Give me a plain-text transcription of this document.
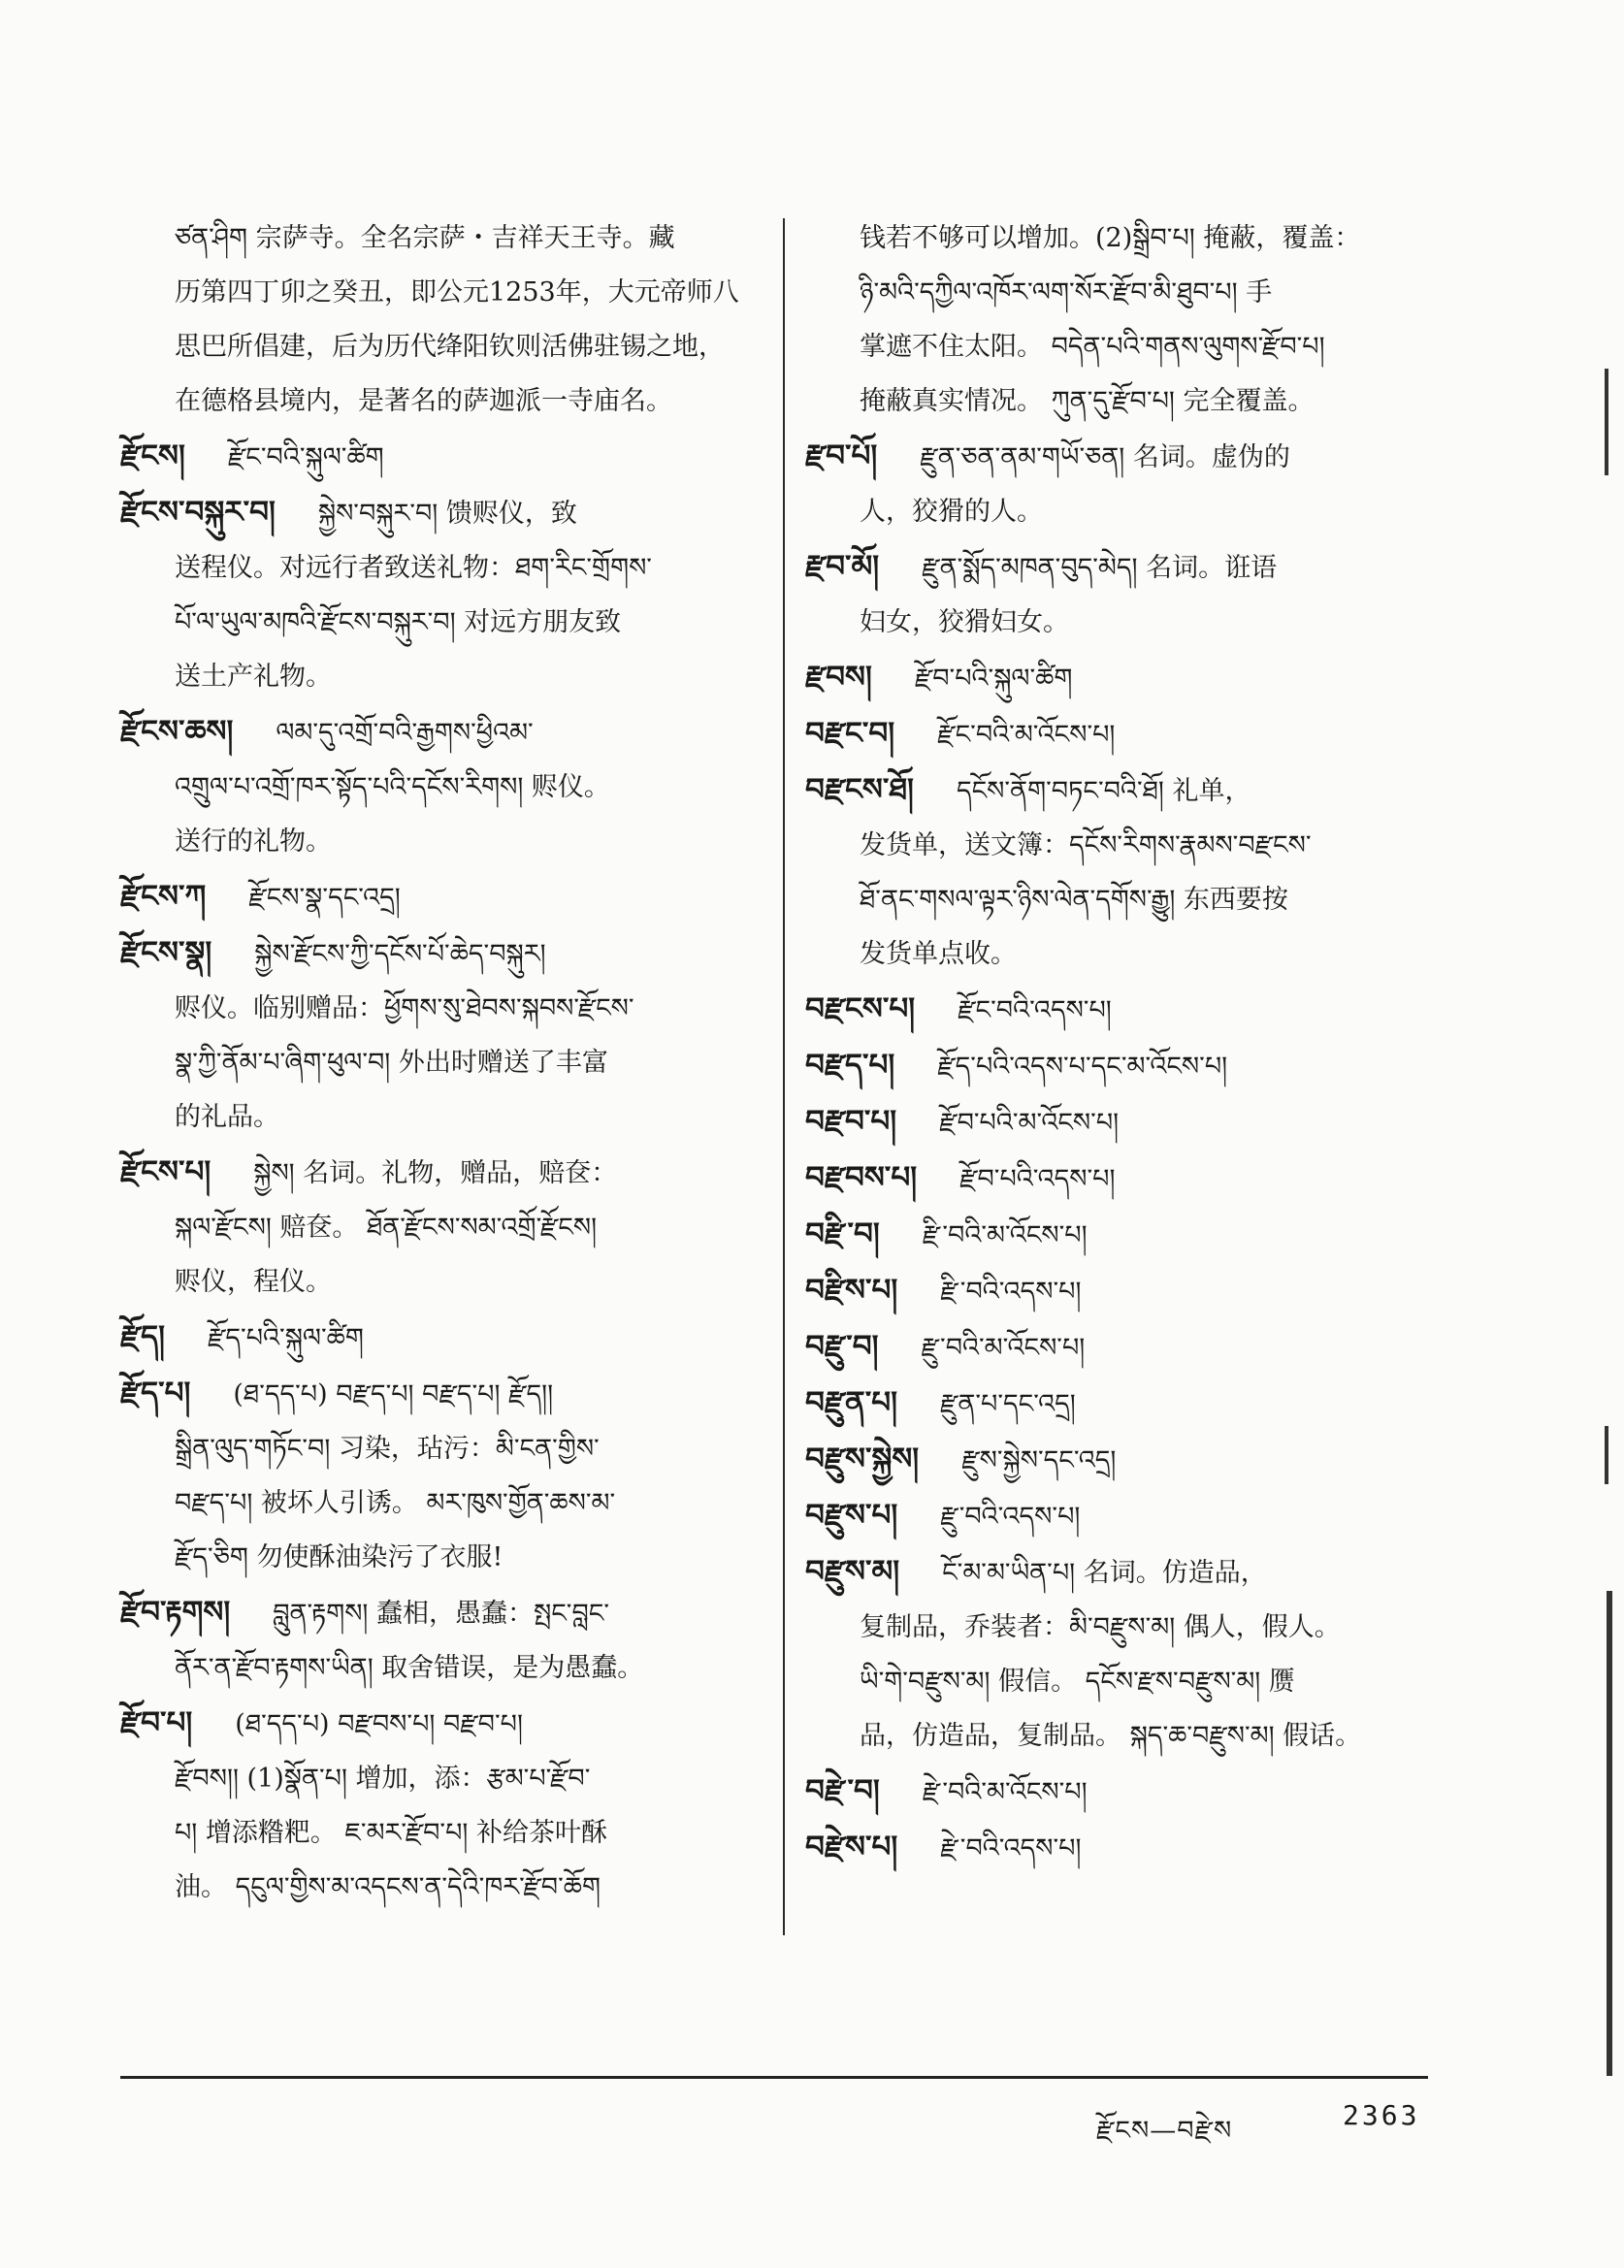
ཙན་ཤིག 宗萨寺。全名宗萨・吉祥天王寺。藏

历第四丁卯之癸丑，即公元1253年，大元帝师八

思巴所倡建，后为历代绛阳钦则活佛驻锡之地，

在德格县境内，是著名的萨迦派一寺庙名。

རྫོངས། རྫོང་བའི་སྐུལ་ཚིག

རྫོངས་བསྐུར་བ། སྐྱེས་བསྐུར་བ། 馈赆仪，致

送程仪。对远行者致送礼物：ཐག་རིང་གྲོགས་

པོ་ལ་ཡུལ་མཁའི་རྫོངས་བསྐུར་བ། 对远方朋友致

送土产礼物。

རྫོངས་ཆས། ལམ་དུ་འགྲོ་བའི་རྒྱགས་ཕྱིའམ་

འགྲུལ་པ་འགྲོ་ཁར་སྟོད་པའི་དངོས་རིགས། 赆仪。

送行的礼物。

རྫོངས་ཀ རྫོངས་སྣ་དང་འདྲ།

རྫོངས་སྣ། སྐྱེས་རྫོངས་ཀྱི་དངོས་པོ་ཆེད་བསྐུར།

赆仪。临别赠品：ཕྱོགས་སུ་ཐེབས་སྐབས་རྫོངས་

སྣ་ཀྱི་ནོམ་པ་ཞིག་ཕུལ་བ། 外出时赠送了丰富

的礼品。

རྫོངས་པ། སྐྱེས། 名词。礼物，赠品，赔奁：

སྐལ་རྫོངས། 赔奁。 ཐོན་རྫོངས་སམ་འགྲོ་རྫོངས།

赆仪，程仪。

རྫོད། རྫོད་པའི་སྐུལ་ཚིག

རྫོད་པ། (ཐ་དད་པ) བརྫད་པ། བརྫད་པ། རྫོད།།

སྒྲིན་ལུད་གཏོང་བ། 习染，玷污：མི་ངན་གྱིས་

བརྫད་པ། 被坏人引诱。 མར་ཁུས་གྱོན་ཆས་མ་

རྫོད་ཅིག 勿使酥油染污了衣服!

རྫོབ་རྟགས། བླུན་རྟགས། 蠢相，愚蠢：སྤང་བླང་

ནོར་ན་རྫོབ་རྟགས་ཡིན། 取舍错误，是为愚蠢。

རྫོབ་པ། (ཐ་དད་པ) བརྫབས་པ། བརྫབ་པ།

རྫོབས།། (1)སྣོན་པ། 增加，添：རྩམ་པ་རྫོབ་

པ། 增添糌粑。 ཇ་མར་རྫོབ་པ། 补给茶叶酥

油。 དངུལ་གྱིས་མ་འདངས་ན་དེའི་ཁར་རྫོབ་ཆོག

钱若不够可以增加。(2)སྒྲིབ་པ། 掩蔽，覆盖：

ཉི་མའི་དཀྱིལ་འཁོར་ལག་སོར་རྫོབ་མི་ཐུབ་པ། 手

掌遮不住太阳。 བདེན་པའི་གནས་ལུགས་རྫོབ་པ།

掩蔽真实情况。 ཀུན་དུ་རྫོབ་པ། 完全覆盖。

རྫབ་པོ། རྫུན་ཅན་ནམ་གཡོ་ཅན། 名词。虚伪的

人，狡猾的人。

རྫབ་མོ། རྫུན་སྨོད་མཁན་བུད་མེད། 名词。诳语

妇女，狡猾妇女。

རྫབས། རྫོབ་པའི་སྐུལ་ཚིག

བརྫང་བ། རྫོང་བའི་མ་འོངས་པ།

བརྫངས་ཐོ། དངོས་ནོག་བཏང་བའི་ཐོ། 礼单，

发货单，送文簿：དངོས་རིགས་རྣམས་བརྫངས་

ཐོ་ནང་གསལ་ལྟར་ཉིས་ལེན་དགོས་རྒྱུ། 东西要按

发货单点收。

བརྫངས་པ། རྫོང་བའི་འདས་པ།

བརྫད་པ། རྫོད་པའི་འདས་པ་དང་མ་འོངས་པ།

བརྫབ་པ། རྫོབ་པའི་མ་འོངས་པ།

བརྫབས་པ། རྫོབ་པའི་འདས་པ།

བརྫི་བ། རྫི་བའི་མ་འོངས་པ།

བརྫིས་པ། རྫི་བའི་འདས་པ།

བརྫུ་བ། རྫུ་བའི་མ་འོངས་པ།

བརྫུན་པ། རྫུན་པ་དང་འདྲ།

བརྫུས་སྐྱེས། རྫུས་སྐྱེས་དང་འདྲ།

བརྫུས་པ། རྫུ་བའི་འདས་པ།

བརྫུས་མ། ངོ་མ་མ་ཡིན་པ། 名词。仿造品，

复制品，乔装者：མི་བརྫུས་མ། 偶人，假人。

ཡི་གེ་བརྫུས་མ། 假信。 དངོས་རྫས་བརྫུས་མ། 赝

品，仿造品，复制品。 སྐད་ཆ་བརྫུས་མ། 假话。

བརྫེ་བ། རྫེ་བའི་མ་འོངས་པ།

བརྫེས་པ། རྫེ་བའི་འདས་པ།

རྫོངས—བརྫེས	2363
